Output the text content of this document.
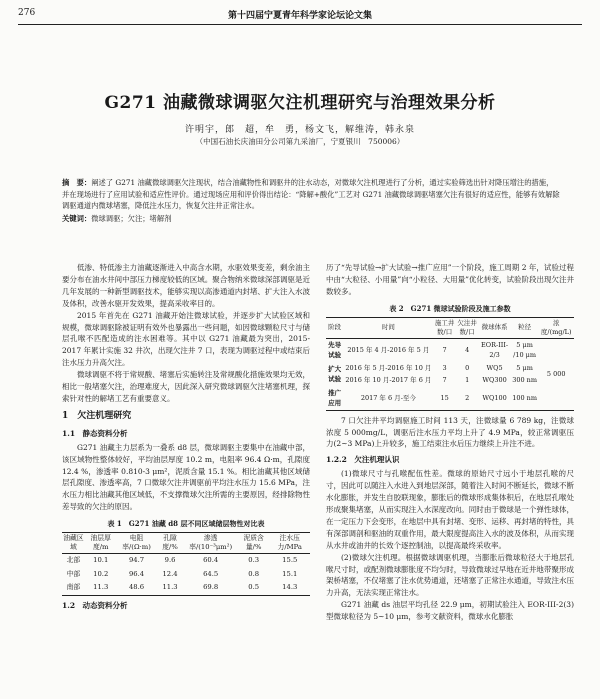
276	第十四届宁夏青年科学家论坛论文集
G271 油藏微球调驱欠注机理研究与治理效果分析
许明宇，郎　超，牟　勇，杨文飞，解维涛，韩永泉
（中国石油长庆油田分公司第九采油厂，宁夏银川　750006）
摘　要：阐述了 G271 油藏微球调驱欠注现状，结合油藏物性和调驱井的注水动态，对微球欠注机理进行了分析，通过实验筛选出针对降压增注的措施，并在现场进行了应用试验和适应性评价。通过现场应用和评价得出结论：“降解+酸化”工艺对 G271 油藏微球调驱堵塞欠注有很好的适应性，能够有效解除调驱通道内微球堵塞，降低注水压力，恢复欠注井正常注水。
关键词：微球调驱；欠注；堵解剂

低渗、特低渗主力油藏逐渐进入中高含水期，水驱效果变差，剩余油主要分布在油水井间中部压力梯度较低的区域。聚合物纳米微球深部调驱是近几年发展的一种新型调驱技术，能够实现以高渗通道内封堵、扩大注入水波及体积，改善水驱开发效果，提高采收率目的。

2015 年首先在 G271 油藏开始注微球试验，并逐步扩大试验区域和规模，微球调驱除被证明有效外也暴露出一些问题，如因微球颗粒尺寸与储层孔喉不匹配造成的注水困难等。其中以 G271 油藏最为突出，2015-2017 年累计实施 32 井次，出现欠注井 7 口，表现为调驱过程中或结束后注水压力升高欠注。

微球调驱不将于常规酸、堵塞后实施转注及常规酸化措施效果均无效，相比一般堵塞欠注，治理难度大，因此深入研究微球调驱欠注堵塞机理，探索针对性的解堵工艺有重要意义。

1　欠注机理研究
1.1　静态资料分析

G271 油藏主力层系为一叠系 d8 层，微球调驱主要集中在油藏中部，该区域物性整体较好，平均油层厚度 10.2 m，电阻率 96.4 Ω·m，孔隙度 12.4 %，渗透率 0.810-3 μm²，泥质含量 15.1 %。相比油藏其他区域储层孔隙度、渗透率高，7 口微球欠注井调驱前平均注水压力 15.6 MPa，注水压力相比油藏其他区域低，不支撑微球欠注所需的主要原因，经排除物性差导致的欠注的原因。

表 1　G271 油藏 d8 层不同区域储层物性对比表
油藏区域	油层厚度/m	电阻率/(Ω·m)	孔隙度/%	渗透率/(10⁻³μm²)	泥质含量/%	注水压力/MPa
北部	10.1	94.7	9.6	60.4	0.3	15.5
中部	10.2	96.4	12.4	64.5	0.8	15.1
南部	11.3	48.6	11.3	69.8	0.5	14.3
1.2　动态资料分析

历了“先导试验→扩大试验→推广应用”一个阶段，施工周期 2 年，试验过程中由“大粒径、小用量”向“小粒径、大用量”优化转变，试验阶段出现欠注井数较多。

表 2　G271 微球试验阶段及施工参数
阶段	时间	施工井数/口	欠注井数/口	微球体系	粒径	浓度/(mg/L)
先导试验	2015 年 4 月-2016 年 5 月	7	4	EOR-III-2/3	5 μm /10 μm	5 000
扩大试验	2016 年 5 月-2016 年 10 月	3	0	WQ5	5 μm	
	2016 年 10 月-2017 年 6 月	7	1	WQ300	300 nm	
推广应用	2017 年 6 月-至今	15	2	WQ100	100 nm	

7 口欠注井平均调驱施工时间 113 天，注微球量 6 789 kg，注微球浓度 5 000mg/L，调驱后注水压力平均上升了 4.9 MPa，较正常调驱压力(2~3 MPa)上升较多，施工结束注水后压力继续上升注不进。

1.2.2　欠注机理认识

(1)微球尺寸与孔喉配伍性差。微球的原始尺寸远小于地层孔喉的尺寸，因此可以随注入水进入到地层深部，随着注入时间不断延长，微球不断水化膨胀，并发生自胶联现象，膨胀后的微球形成集体积后，在地层孔喉处形成聚集堵塞，从而实现注入水深度改向。同时由于微球是一个弹性球体，在一定压力下会变形，在地层中具有封堵、变形、运移、再封堵的特性，具有深部调剖和驱油的双重作用，最大限度提高注入水的波及体积，从而实现从水井或油井的长效个逐控制油，以提高最终采收率。

(2)微球欠注机理。根据微球调驱机理，当膨胀后微球粒径大于地层孔喉尺寸时，或配剂微球膨胀度不均匀时，导致微球过早地在近井地带聚形成架桥堵塞，不仅堵塞了注水优势通道，还堵塞了正常注水通道，导致注水压力升高，无法实现正常注水。

G271 油藏 ds 油层平均孔径 22.9 μm，初期试验注入 EOR-III-2(3)型微球粒径为 5~10 μm，参考文献资料，微球水化膨胀
